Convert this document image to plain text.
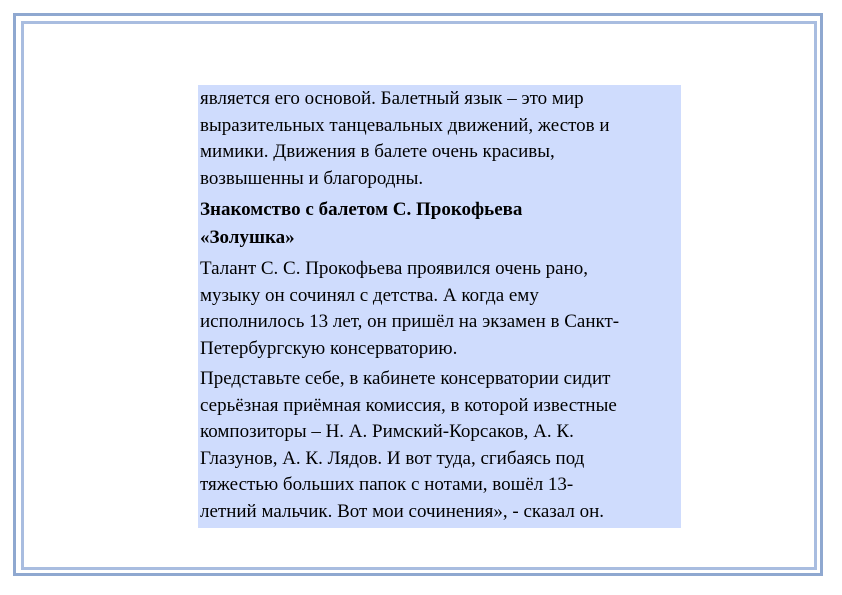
является его основой. Балетный язык – это мир
выразительных танцевальных движений, жестов и
мимики. Движения в балете очень красивы,
возвышенны и благородны.
Знакомство с балетом С. Прокофьева
«Золушка»
Талант С. С. Прокофьева проявился очень рано,
музыку он сочинял с детства. А когда ему
исполнилось 13 лет, он пришёл на экзамен в Санкт-
Петербургскую консерваторию.
Представьте себе, в кабинете консерватории сидит
серьёзная приёмная комиссия, в которой известные
композиторы – Н. А. Римский-Корсаков, А. К.
Глазунов, А. К. Лядов. И вот туда, сгибаясь под
тяжестью больших папок с нотами, вошёл 13-
летний мальчик. Вот мои сочинения», - сказал он.
